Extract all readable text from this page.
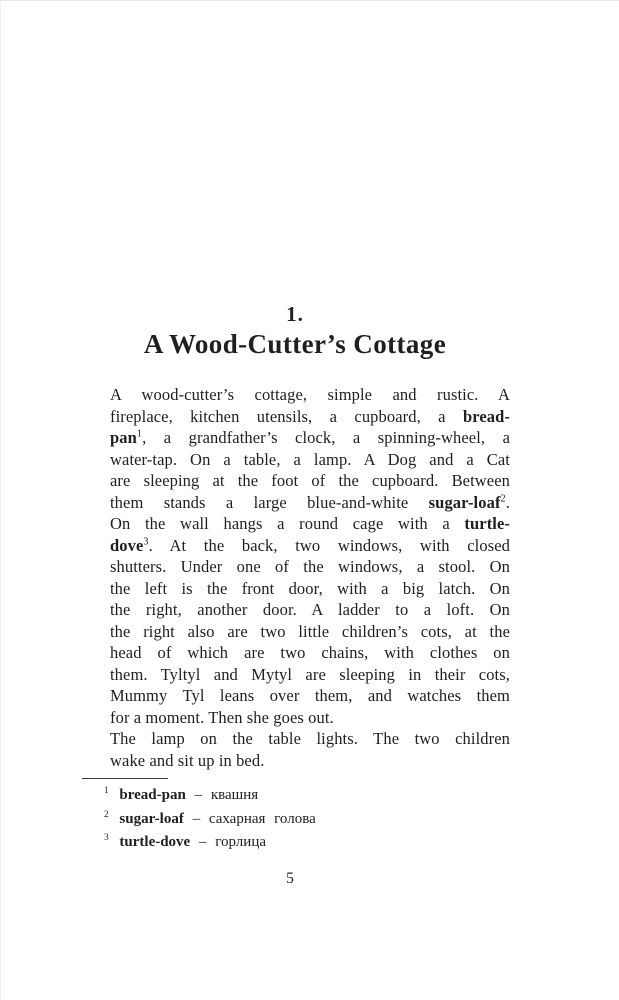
1.
A Wood-Cutter’s Cottage
A wood-cutter’s cottage, simple and rustic. A
fireplace, kitchen utensils, a cupboard, a bread-
pan$^1$, a grandfather’s clock, a spinning-wheel, a
water-tap. On a table, a lamp. A Dog and a Cat
are sleeping at the foot of the cupboard. Between
them stands a large blue-and-white sugar-loaf$^2$.
On the wall hangs a round cage with a turtle-
dove$^3$. At the back, two windows, with closed
shutters. Under one of the windows, a stool. On
the left is the front door, with a big latch. On
the right, another door. A ladder to a loft. On
the right also are two little children’s cots, at the
head of which are two chains, with clothes on
them. Tyltyl and Mytyl are sleeping in their cots,
Mummy Tyl leans over them, and watches them
for a moment. Then she goes out.
The lamp on the table lights. The two children
wake and sit up in bed.
$^1$ bread-pan – квашня
$^2$ sugar-loaf – сахарная голова
$^3$ turtle-dove – горлица
5
